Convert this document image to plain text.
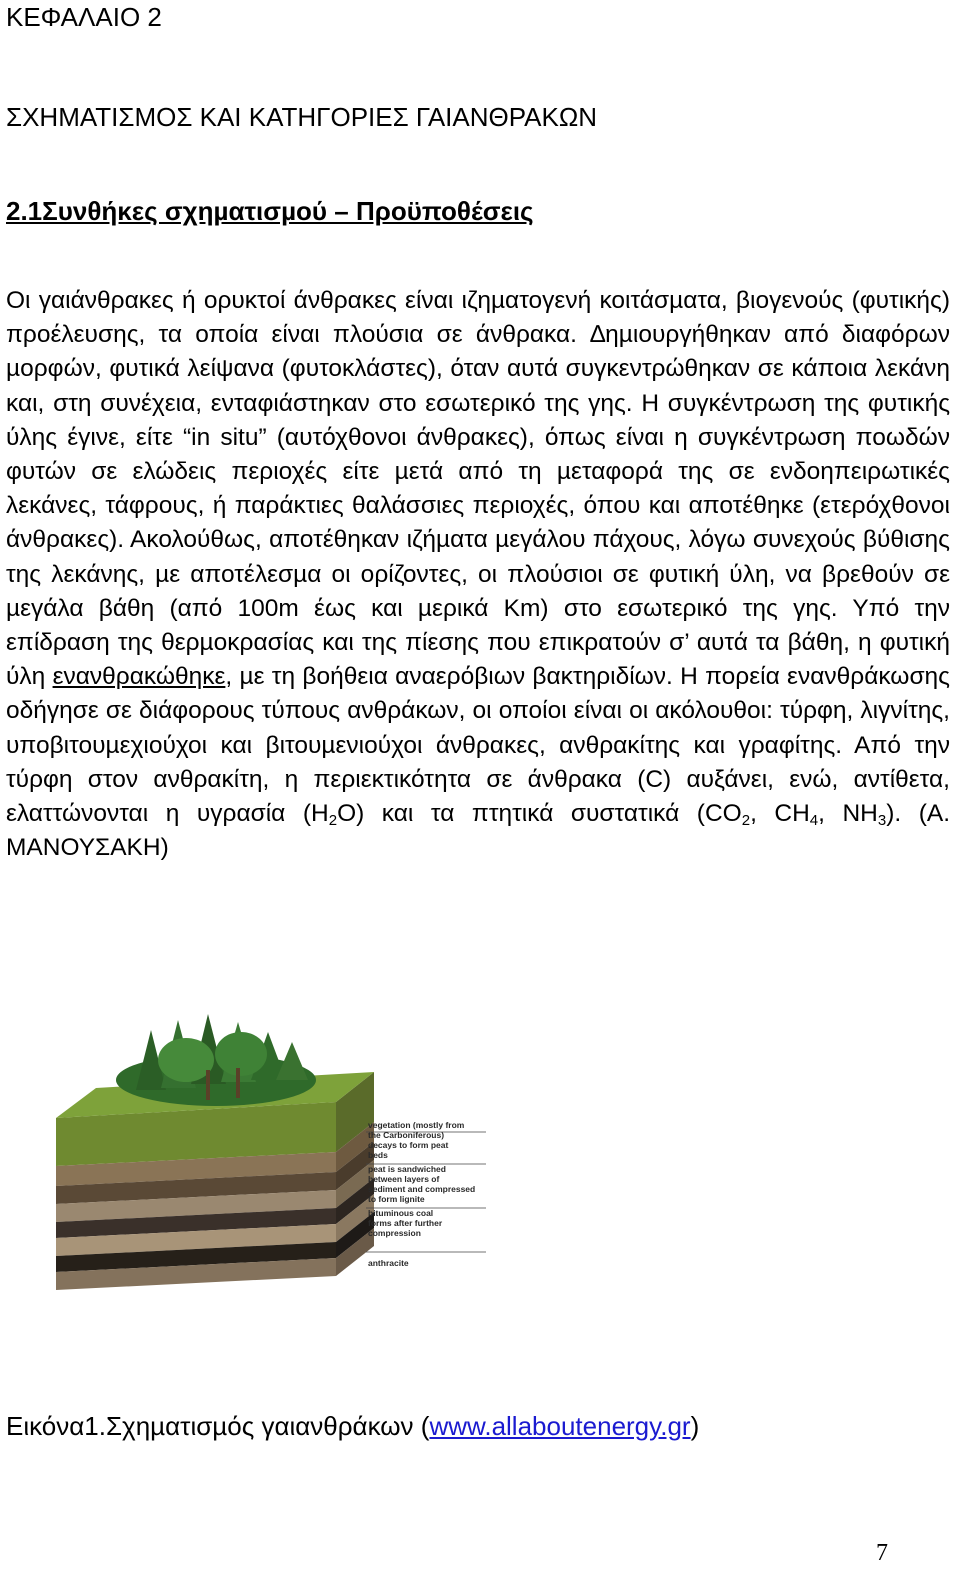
ΚΕΦΑΛΑΙΟ 2
ΣΧΗΜΑΤΙΣΜΟΣ ΚΑΙ ΚΑΤΗΓΟΡΙΕΣ ΓΑΙΑΝΘΡΑΚΩΝ
2.1Συνθήκες σχηµατισµού – Προϋποθέσεις
Οι γαιάνθρακες ή ορυκτοί άνθρακες είναι ιζηµατογενή κοιτάσµατα, βιογενούς (φυτικής) προέλευσης, τα οποία είναι πλούσια σε άνθρακα. ∆ηµιουργήθηκαν από διαφόρων µορφών, φυτικά λείψανα (φυτοκλάστες), όταν αυτά συγκεντρώθηκαν σε κάποια λεκάνη και, στη συνέχεια, ενταφιάστηκαν στο εσωτερικό της γης. Η συγκέντρωση της φυτικής ύλης έγινε, είτε “in situ” (αυτόχθονοι άνθρακες), όπως είναι η συγκέντρωση ποωδών φυτών σε ελώδεις περιοχές είτε µετά από τη µεταφορά της σε ενδοηπειρωτικές λεκάνες, τάφρους, ή παράκτιες θαλάσσιες περιοχές, όπου και αποτέθηκε (ετερόχθονοι άνθρακες). Ακολούθως, αποτέθηκαν ιζήµατα µεγάλου πάχους, λόγω συνεχούς βύθισης της λεκάνης, µε αποτέλεσµα οι ορίζοντες, οι πλούσιοι σε φυτική ύλη, να βρεθούν σε µεγάλα βάθη (από 100m έως και µερικά Km) στο εσωτερικό της γης. Υπό την επίδραση της θερµοκρασίας και της πίεσης που επικρατούν σ’ αυτά τα βάθη, η φυτική ύλη ενανθρακώθηκε, µε τη βοήθεια αναερόβιων βακτηριδίων. Η πορεία ενανθράκωσης οδήγησε σε διάφορους τύπους ανθράκων, οι οποίοι είναι οι ακόλουθοι: τύρφη, λιγνίτης, υποβιτουµεχιούχοι και βιτουµενιούχοι άνθρακες, ανθρακίτης και γραφίτης. Από την τύρφη στον ανθρακίτη, η περιεκτικότητα σε άνθρακα (C) αυξάνει, ενώ, αντίθετα, ελαττώνονται η υγρασία $(H_2O)$ και τα πτητικά συστατικά ($CO_2$, $CH_4$, $NH_3$). (Α. ΜΑΝΟΥΣΑΚΗ)
vegetation (mostly from
the Carboniferous)
decays to form peat
beds
peat is sandwiched
between layers of
sediment and compressed
to form lignite
bituminous coal
forms after further
compression
anthracite
Εικόνα1.Σχηµατισµός γαιανθράκων (www.allaboutenergy.gr)
7
